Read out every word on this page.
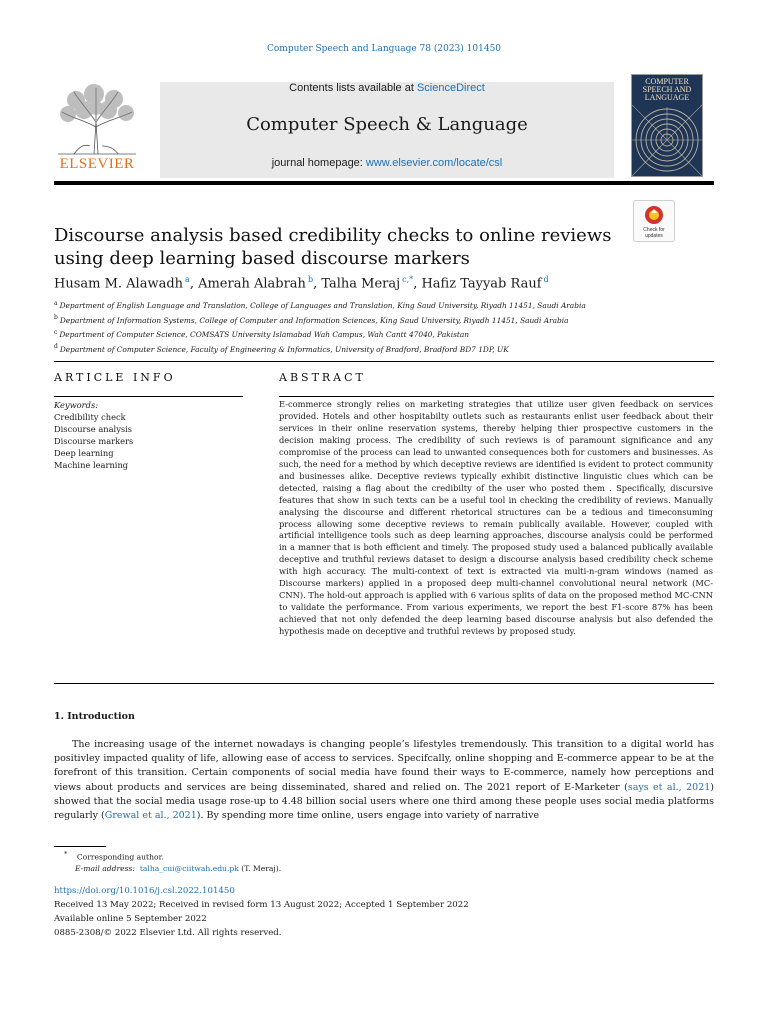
Computer Speech and Language 78 (2023) 101450
Contents lists available at ScienceDirect
Computer Speech & Language
journal homepage: www.elsevier.com/locate/csl
ELSEVIER
COMPUTER SPEECH AND LANGUAGE
Check for updates
Discourse analysis based credibility checks to online reviews using deep learning based discourse markers
Husam M. Alawadh $^a$, Amerah Alabrah $^b$, Talha Meraj $^{c,*}$, Hafiz Tayyab Rauf $^d$
$^a$ Department of English Language and Translation, College of Languages and Translation, King Saud University, Riyadh 11451, Saudi Arabia
$^b$ Department of Information Systems, College of Computer and Information Sciences, King Saud University, Riyadh 11451, Saudi Arabia
$^c$ Department of Computer Science, COMSATS University Islamabad Wah Campus, Wah Cantt 47040, Pakistan
$^d$ Department of Computer Science, Faculty of Engineering & Informatics, University of Bradford, Bradford BD7 1DP, UK
ARTICLE INFO	ABSTRACT
Keywords:
Credibility check
Discourse analysis
Discourse markers
Deep learning
Machine learning
E-commerce strongly relies on marketing strategies that utilize user given feedback on services provided. Hotels and other hospitabilty outlets such as restaurants enlist user feedback about their services in their online reservation systems, thereby helping thier prospective customers in the decision making process. The credibility of such reviews is of paramount significance and any compromise of the process can lead to unwanted consequences both for customers and businesses. As such, the need for a method by which deceptive reviews are identified is evident to protect community and businesses alike. Deceptive reviews typically exhibit distinctive linguistic clues which can be detected, raising a flag about the credibilty of the user who posted them . Specifically, discursive features that show in such texts can be a useful tool in checking the credibility of reviews. Manually analysing the discourse and different rhetorical structures can be a tedious and timeconsuming process allowing some deceptive reviews to remain publically available. However, coupled with artificial intelligence tools such as deep learning approaches, discourse analysis could be performed in a manner that is both efficient and timely. The proposed study used a balanced publically available deceptive and truthful reviews dataset to design a discourse analysis based credibility check scheme with high accuracy. The multi-context of text is extracted via multi-n-gram windows (named as Discourse markers) applied in a proposed deep multi-channel convolutional neural network (MC-CNN). The hold-out approach is applied with 6 various splits of data on the proposed method MC-CNN to validate the performance. From various experiments, we report the best F1-score 87% has been achieved that not only defended the deep learning based discourse analysis but also defended the hypothesis made on deceptive and truthful reviews by proposed study.
1. Introduction
The increasing usage of the internet nowadays is changing people’s lifestyles tremendously. This transition to a digital world has positivley impacted quality of life, allowing ease of access to services. Specifcally, online shopping and E-commerce appear to be at the forefront of this transition. Certain components of social media have found their ways to E-commerce, namely how perceptions and views about products and services are being disseminated, shared and relied on. The 2021 report of E-Marketer (says et al., 2021) showed that the social media usage rose-up to 4.48 billion social users where one third among these people uses social media platforms regularly (Grewal et al., 2021). By spending more time online, users engage into variety of narrative
* Corresponding author.
E-mail address: talha_cui@ciitwah.edu.pk (T. Meraj).
https://doi.org/10.1016/j.csl.2022.101450
Received 13 May 2022; Received in revised form 13 August 2022; Accepted 1 September 2022
Available online 5 September 2022
0885-2308/© 2022 Elsevier Ltd. All rights reserved.
